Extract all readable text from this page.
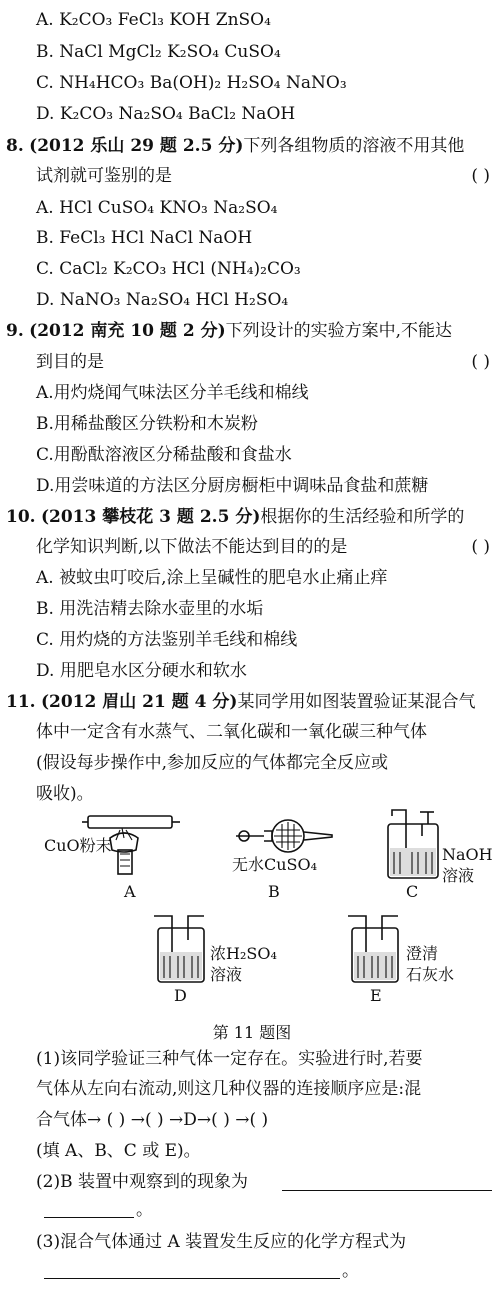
A. K₂CO₃ FeCl₃ KOH ZnSO₄
B. NaCl MgCl₂ K₂SO₄ CuSO₄
C. NH₄HCO₃ Ba(OH)₂ H₂SO₄ NaNO₃
D. K₂CO₃ Na₂SO₄ BaCl₂ NaOH
8. (2012 乐山 29 题 2.5 分)下列各组物质的溶液不用其他
试剂就可鉴别的是	( )
A. HCl CuSO₄ KNO₃ Na₂SO₄
B. FeCl₃ HCl NaCl NaOH
C. CaCl₂ K₂CO₃ HCl (NH₄)₂CO₃
D. NaNO₃ Na₂SO₄ HCl H₂SO₄
9. (2012 南充 10 题 2 分)下列设计的实验方案中,不能达
到目的是	( )
A.用灼烧闻气味法区分羊毛线和棉线
B.用稀盐酸区分铁粉和木炭粉
C.用酚酞溶液区分稀盐酸和食盐水
D.用尝味道的方法区分厨房橱柜中调味品食盐和蔗糖
10. (2013 攀枝花 3 题 2.5 分)根据你的生活经验和所学的
化学知识判断,以下做法不能达到目的的是	( )
A. 被蚊虫叮咬后,涂上呈碱性的肥皂水止痛止痒
B. 用洗洁精去除水壶里的水垢
C. 用灼烧的方法鉴别羊毛线和棉线
D. 用肥皂水区分硬水和软水
11. (2012 眉山 21 题 4 分)某同学用如图装置验证某混合气
体中一定含有水蒸气、二氧化碳和一氧化碳三种气体
(假设每步操作中,参加反应的气体都完全反应或
吸收)。
CuO粉末
A
无水CuSO₄
B
NaOH
溶液
C
浓H₂SO₄
溶液
D
澄清
石灰水
E
第 11 题图
(1)该同学验证三种气体一定存在。实验进行时,若要
气体从左向右流动,则这几种仪器的连接顺序应是:混
合气体→ ( ) →( ) →D→( ) →( )
(填 A、B、C 或 E)。
(2)B 装置中观察到的现象为
。
(3)混合气体通过 A 装置发生反应的化学方程式为
。
